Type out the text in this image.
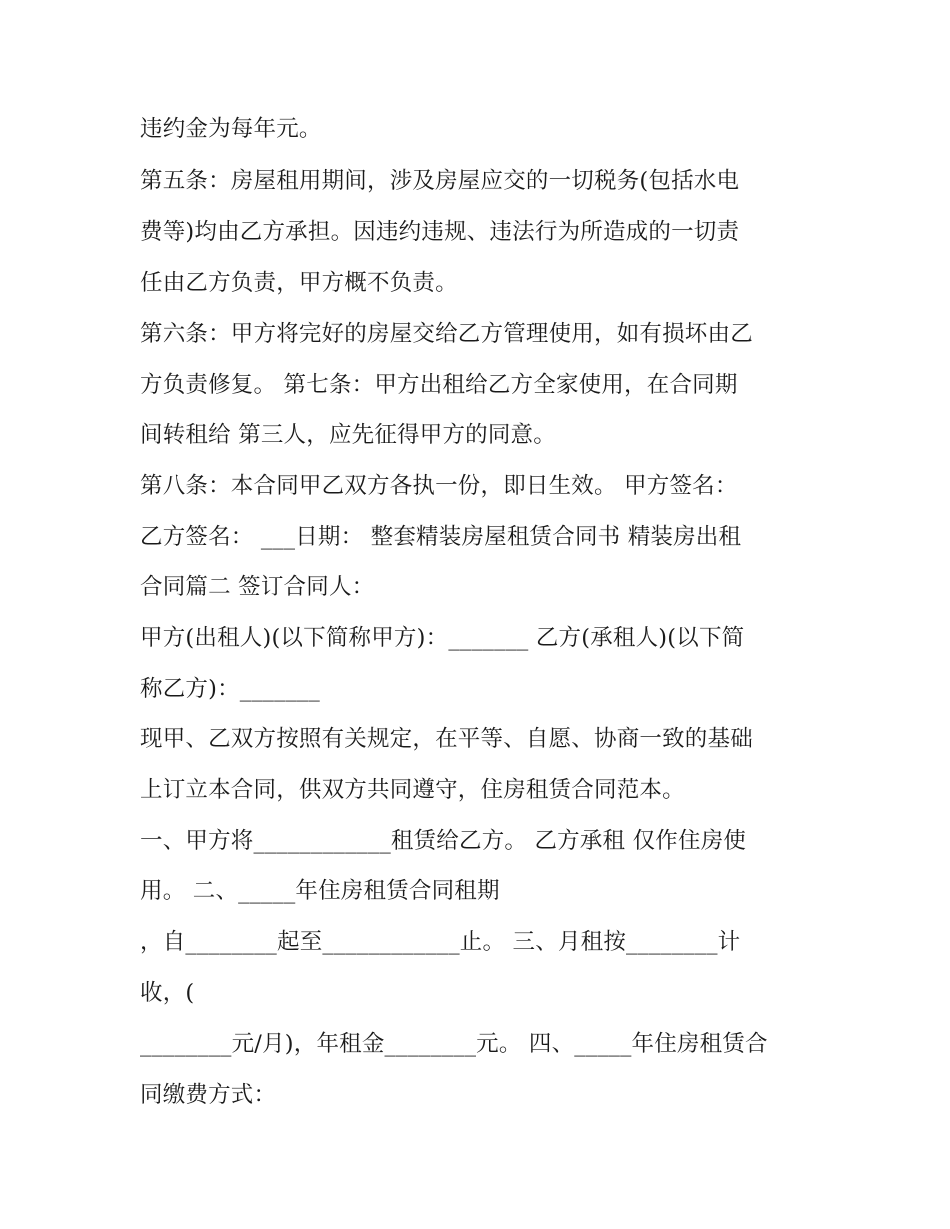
违约金为每年元。

第五条：房屋租用期间，涉及房屋应交的一切税务(包括水电

费等)均由乙方承担。因违约违规、违法行为所造成的一切责

任由乙方负责，甲方概不负责。

第六条：甲方将完好的房屋交给乙方管理使用，如有损坏由乙

方负责修复。 第七条：甲方出租给乙方全家使用，在合同期

间转租给 第三人，应先征得甲方的同意。

第八条：本合同甲乙双方各执一份，即日生效。 甲方签名：

乙方签名： ___日期： 整套精装房屋租赁合同书 精装房出租

合同篇二 签订合同人：

甲方(出租人)(以下简称甲方)：_______ 乙方(承租人)(以下简

称乙方)：_______

现甲、乙双方按照有关规定，在平等、自愿、协商一致的基础

上订立本合同，供双方共同遵守，住房租赁合同范本。

一、甲方将____________租赁给乙方。 乙方承租 仅作住房使

用。 二、_____年住房租赁合同租期

，自________起至____________止。 三、月租按________计

收，(

________元/月)，年租金________元。 四、_____年住房租赁合

同缴费方式：
